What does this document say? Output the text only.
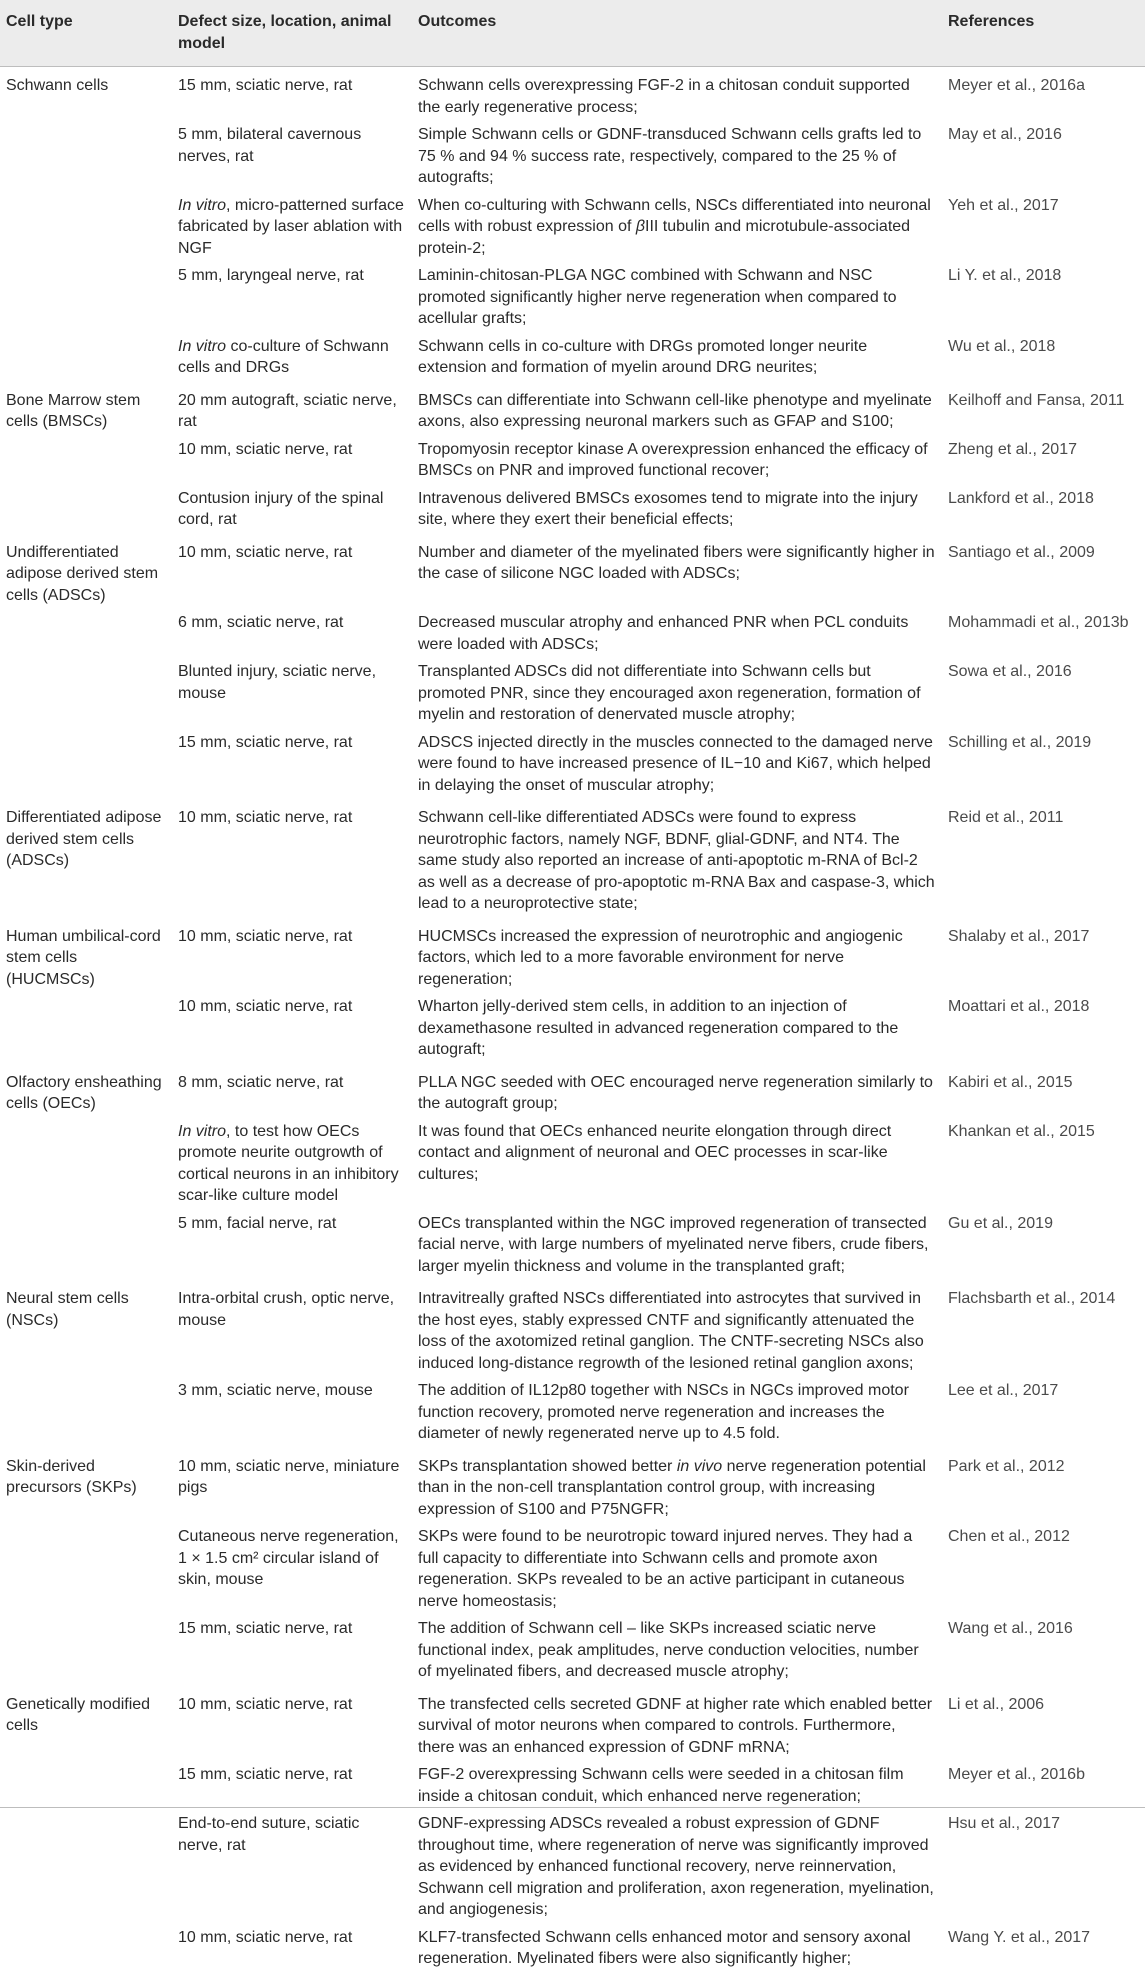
Cell type	Defect size, location, animal model	Outcomes	References
Schwann cells	15 mm, sciatic nerve, rat	Schwann cells overexpressing FGF-2 in a chitosan conduit supported the early regenerative process;	Meyer et al., 2016a
	5 mm, bilateral cavernous nerves, rat	Simple Schwann cells or GDNF-transduced Schwann cells grafts led to 75 % and 94 % success rate, respectively, compared to the 25 % of autografts;	May et al., 2016
	In vitro, micro-patterned surface fabricated by laser ablation with NGF	When co-culturing with Schwann cells, NSCs differentiated into neuronal cells with robust expression of βIII tubulin and microtubule-associated protein-2;	Yeh et al., 2017
	5 mm, laryngeal nerve, rat	Laminin-chitosan-PLGA NGC combined with Schwann and NSC promoted significantly higher nerve regeneration when compared to acellular grafts;	Li Y. et al., 2018
	In vitro co-culture of Schwann cells and DRGs	Schwann cells in co-culture with DRGs promoted longer neurite extension and formation of myelin around DRG neurites;	Wu et al., 2018
Bone Marrow stem cells (BMSCs)	20 mm autograft, sciatic nerve, rat	BMSCs can differentiate into Schwann cell-like phenotype and myelinate axons, also expressing neuronal markers such as GFAP and S100;	Keilhoff and Fansa, 2011
	10 mm, sciatic nerve, rat	Tropomyosin receptor kinase A overexpression enhanced the efficacy of BMSCs on PNR and improved functional recover;	Zheng et al., 2017
	Contusion injury of the spinal cord, rat	Intravenous delivered BMSCs exosomes tend to migrate into the injury site, where they exert their beneficial effects;	Lankford et al., 2018
Undifferentiated adipose derived stem cells (ADSCs)	10 mm, sciatic nerve, rat	Number and diameter of the myelinated fibers were significantly higher in the case of silicone NGC loaded with ADSCs;	Santiago et al., 2009
	6 mm, sciatic nerve, rat	Decreased muscular atrophy and enhanced PNR when PCL conduits were loaded with ADSCs;	Mohammadi et al., 2013b
	Blunted injury, sciatic nerve, mouse	Transplanted ADSCs did not differentiate into Schwann cells but promoted PNR, since they encouraged axon regeneration, formation of myelin and restoration of denervated muscle atrophy;	Sowa et al., 2016
	15 mm, sciatic nerve, rat	ADSCS injected directly in the muscles connected to the damaged nerve were found to have increased presence of IL−10 and Ki67, which helped in delaying the onset of muscular atrophy;	Schilling et al., 2019
Differentiated adipose derived stem cells (ADSCs)	10 mm, sciatic nerve, rat	Schwann cell-like differentiated ADSCs were found to express neurotrophic factors, namely NGF, BDNF, glial-GDNF, and NT4. The same study also reported an increase of anti-apoptotic m-RNA of Bcl-2 as well as a decrease of pro-apoptotic m-RNA Bax and caspase-3, which lead to a neuroprotective state;	Reid et al., 2011
Human umbilical-cord stem cells (HUCMSCs)	10 mm, sciatic nerve, rat	HUCMSCs increased the expression of neurotrophic and angiogenic factors, which led to a more favorable environment for nerve regeneration;	Shalaby et al., 2017
	10 mm, sciatic nerve, rat	Wharton jelly-derived stem cells, in addition to an injection of dexamethasone resulted in advanced regeneration compared to the autograft;	Moattari et al., 2018
Olfactory ensheathing cells (OECs)	8 mm, sciatic nerve, rat	PLLA NGC seeded with OEC encouraged nerve regeneration similarly to the autograft group;	Kabiri et al., 2015
	In vitro, to test how OECs promote neurite outgrowth of cortical neurons in an inhibitory scar-like culture model	It was found that OECs enhanced neurite elongation through direct contact and alignment of neuronal and OEC processes in scar-like cultures;	Khankan et al., 2015
	5 mm, facial nerve, rat	OECs transplanted within the NGC improved regeneration of transected facial nerve, with large numbers of myelinated nerve fibers, crude fibers, larger myelin thickness and volume in the transplanted graft;	Gu et al., 2019
Neural stem cells (NSCs)	Intra-orbital crush, optic nerve, mouse	Intravitreally grafted NSCs differentiated into astrocytes that survived in the host eyes, stably expressed CNTF and significantly attenuated the loss of the axotomized retinal ganglion. The CNTF-secreting NSCs also induced long-distance regrowth of the lesioned retinal ganglion axons;	Flachsbarth et al., 2014
	3 mm, sciatic nerve, mouse	The addition of IL12p80 together with NSCs in NGCs improved motor function recovery, promoted nerve regeneration and increases the diameter of newly regenerated nerve up to 4.5 fold.	Lee et al., 2017
Skin-derived precursors (SKPs)	10 mm, sciatic nerve, miniature pigs	SKPs transplantation showed better in vivo nerve regeneration potential than in the non-cell transplantation control group, with increasing expression of S100 and P75NGFR;	Park et al., 2012
	Cutaneous nerve regeneration, 1 × 1.5 cm² circular island of skin, mouse	SKPs were found to be neurotropic toward injured nerves. They had a full capacity to differentiate into Schwann cells and promote axon regeneration. SKPs revealed to be an active participant in cutaneous nerve homeostasis;	Chen et al., 2012
	15 mm, sciatic nerve, rat	The addition of Schwann cell – like SKPs increased sciatic nerve functional index, peak amplitudes, nerve conduction velocities, number of myelinated fibers, and decreased muscle atrophy;	Wang et al., 2016
Genetically modified cells	10 mm, sciatic nerve, rat	The transfected cells secreted GDNF at higher rate which enabled better survival of motor neurons when compared to controls. Furthermore, there was an enhanced expression of GDNF mRNA;	Li et al., 2006
	15 mm, sciatic nerve, rat	FGF-2 overexpressing Schwann cells were seeded in a chitosan film inside a chitosan conduit, which enhanced nerve regeneration;	Meyer et al., 2016b
	End-to-end suture, sciatic nerve, rat	GDNF-expressing ADSCs revealed a robust expression of GDNF throughout time, where regeneration of nerve was significantly improved as evidenced by enhanced functional recovery, nerve reinnervation, Schwann cell migration and proliferation, axon regeneration, myelination, and angiogenesis;	Hsu et al., 2017
	10 mm, sciatic nerve, rat	KLF7-transfected Schwann cells enhanced motor and sensory axonal regeneration. Myelinated fibers were also significantly higher;	Wang Y. et al., 2017
